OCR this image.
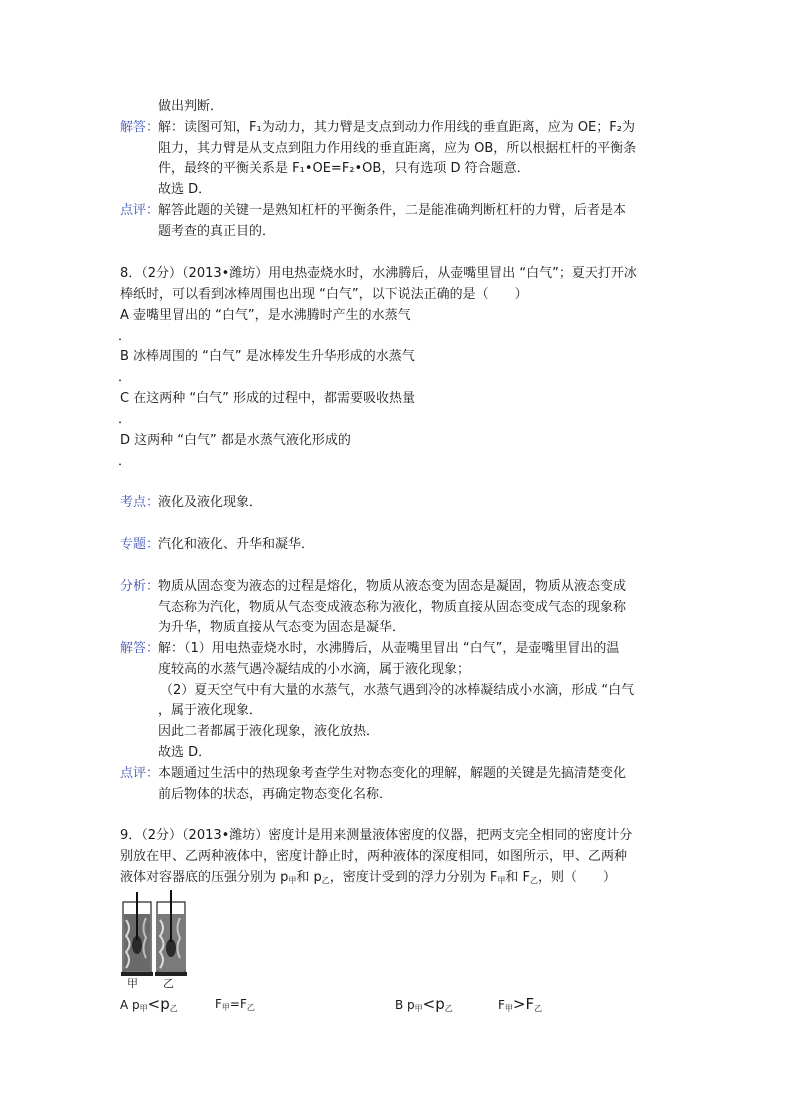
做出判断．
解答：
解：读图可知，F₁为动力，其力臂是支点到动力作用线的垂直距离，应为 OE；F₂为
阻力，其力臂是从支点到阻力作用线的垂直距离，应为 OB，所以根据杠杆的平衡条
件，最终的平衡关系是 F₁•OE=F₂•OB，只有选项 D 符合题意．
故选 D．
点评：
解答此题的关键一是熟知杠杆的平衡条件，二是能准确判断杠杆的力臂，后者是本
题考查的真正目的．
8．（2分）（2013•潍坊）用电热壶烧水时，水沸腾后，从壶嘴里冒出 “白气”；夏天打开冰
棒纸时，可以看到冰棒周围也出现 “白气”，以下说法正确的是（　　）
A 壶嘴里冒出的 “白气”，是水沸腾时产生的水蒸气
．
B 冰棒周围的 “白气” 是冰棒发生升华形成的水蒸气
．
C 在这两种 “白气” 形成的过程中，都需要吸收热量
．
D 这两种 “白气” 都是水蒸气液化形成的
．
考点：
液化及液化现象．
专题：
汽化和液化、升华和凝华．
分析：
物质从固态变为液态的过程是熔化，物质从液态变为固态是凝固，物质从液态变成
气态称为汽化，物质从气态变成液态称为液化，物质直接从固态变成气态的现象称
为升华，物质直接从气态变为固态是凝华．
解答：
解：（1）用电热壶烧水时，水沸腾后，从壶嘴里冒出 “白气”，是壶嘴里冒出的温
度较高的水蒸气遇冷凝结成的小水滴，属于液化现象；
（2）夏天空气中有大量的水蒸气，水蒸气遇到冷的冰棒凝结成小水滴，形成 “白气
，属于液化现象．
因此二者都属于液化现象，液化放热．
故选 D．
点评：
本题通过生活中的热现象考查学生对物态变化的理解，解题的关键是先搞清楚变化
前后物体的状态，再确定物态变化名称．
9．（2分）（2013•潍坊）密度计是用来测量液体密度的仪器，把两支完全相同的密度计分
别放在甲、乙两种液体中，密度计静止时，两种液体的深度相同，如图所示，甲、乙两种
液体对容器底的压强分别为 $p_甲$和 $p_乙$，密度计受到的浮力分别为 $F_甲$和 $F_乙$，则（　　）
甲 乙
A $p_甲<p_乙$	$F_甲=F_乙$	B $p_甲<p_乙$	$F_甲>F_乙$
